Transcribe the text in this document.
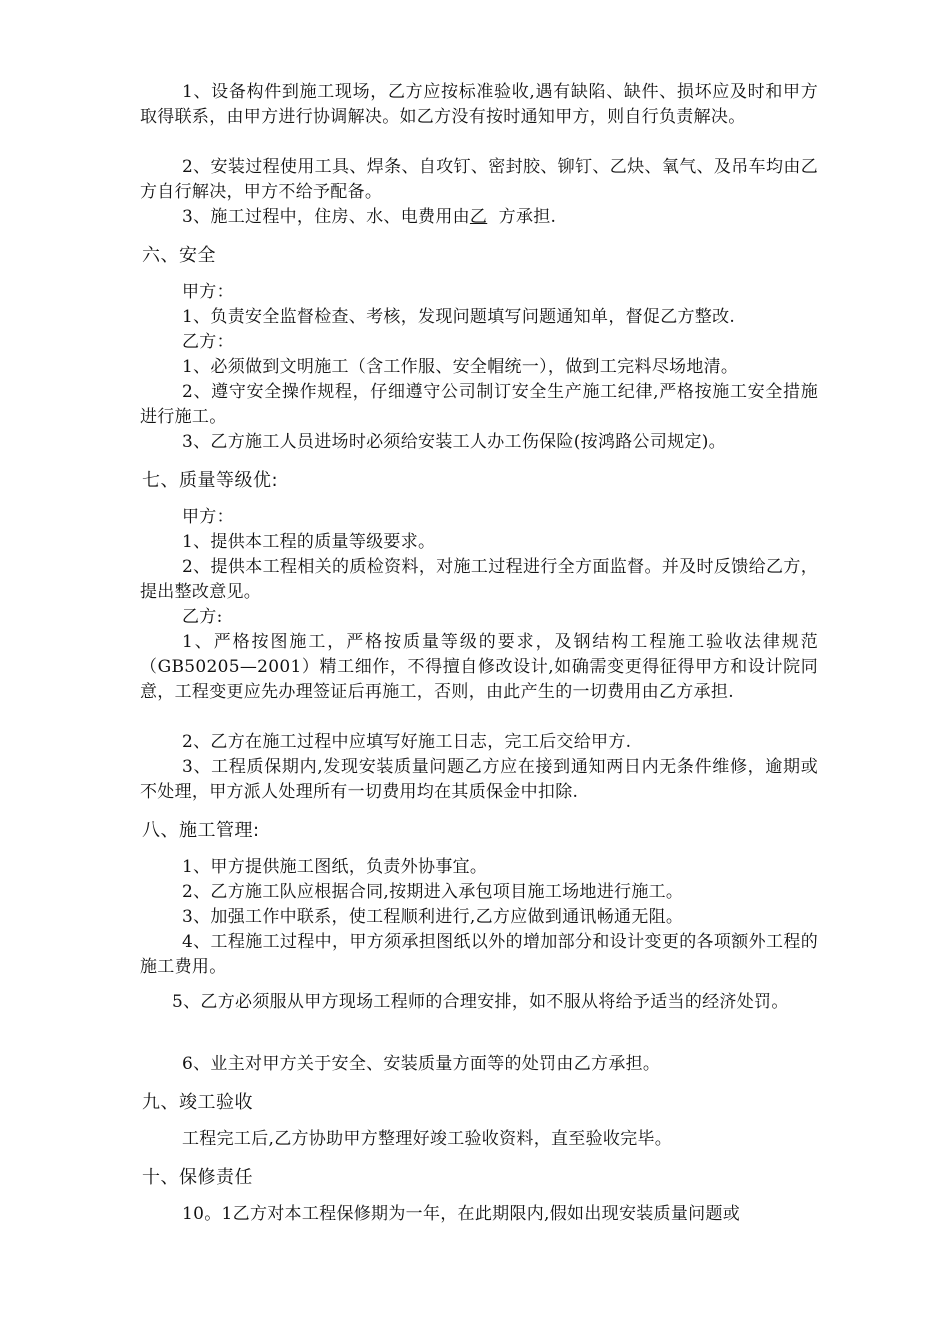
1、设备构件到施工现场，乙方应按标准验收,遇有缺陷、缺件、损坏应及时和甲方取得联系，由甲方进行协调解决。如乙方没有按时通知甲方，则自行负责解决。

2、安装过程使用工具、焊条、自攻钉、密封胶、铆钉、乙炔、氧气、及吊车均由乙方自行解决，甲方不给予配备。

3、施工过程中，住房、水、电费用由乙 方承担.

六、安全

甲方：

1、负责安全监督检查、考核，发现问题填写问题通知单，督促乙方整改.

乙方：

1、必须做到文明施工（含工作服、安全帽统一），做到工完料尽场地清。

2、遵守安全操作规程，仔细遵守公司制订安全生产施工纪律,严格按施工安全措施进行施工。

3、乙方施工人员进场时必须给安装工人办工伤保险(按鸿路公司规定)。

七、质量等级优:

甲方：

1、提供本工程的质量等级要求。

2、提供本工程相关的质检资料，对施工过程进行全方面监督。并及时反馈给乙方，提出整改意见。

乙方:

1、严格按图施工，严格按质量等级的要求，及钢结构工程施工验收法律规范（GB50205—2001）精工细作，不得擅自修改设计,如确需变更得征得甲方和设计院同意，工程变更应先办理签证后再施工，否则，由此产生的一切费用由乙方承担.

2、乙方在施工过程中应填写好施工日志，完工后交给甲方.

3、工程质保期内,发现安装质量问题乙方应在接到通知两日内无条件维修，逾期或不处理，甲方派人处理所有一切费用均在其质保金中扣除.

八、施工管理:

1、甲方提供施工图纸，负责外协事宜。

2、乙方施工队应根据合同,按期进入承包项目施工场地进行施工。

3、加强工作中联系，使工程顺利进行,乙方应做到通讯畅通无阻。

4、工程施工过程中，甲方须承担图纸以外的增加部分和设计变更的各项额外工程的施工费用。

5、乙方必须服从甲方现场工程师的合理安排，如不服从将给予适当的经济处罚。

6、业主对甲方关于安全、安装质量方面等的处罚由乙方承担。

九、竣工验收

工程完工后,乙方协助甲方整理好竣工验收资料，直至验收完毕。

十、保修责任

10。1乙方对本工程保修期为一年，在此期限内,假如出现安装质量问题或
